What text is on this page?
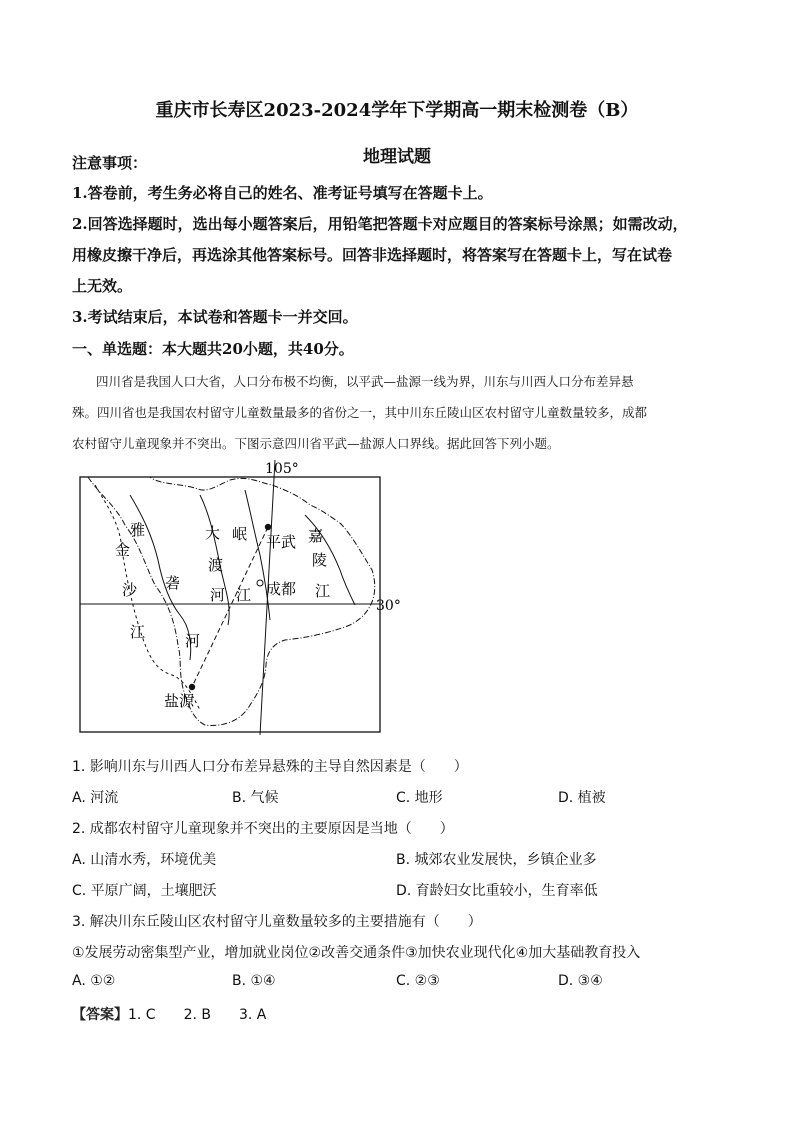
重庆市长寿区2023-2024学年下学期高一期末检测卷（B）
地理试题
注意事项：
1.答卷前，考生务必将自己的姓名、准考证号填写在答题卡上。
2.回答选择题时，选出每小题答案后，用铅笔把答题卡对应题目的答案标号涂黑；如需改动，
用橡皮擦干净后，再选涂其他答案标号。回答非选择题时，将答案写在答题卡上，写在试卷
上无效。
3.考试结束后，本试卷和答题卡一并交回。
一、单选题：本大题共20小题，共40分。
四川省是我国人口大省，人口分布极不均衡，以平武—盐源一线为界，川东与川西人口分布差异悬
殊。四川省也是我国农村留守儿童数量最多的省份之一，其中川东丘陵山区农村留守儿童数量较多，成都
农村留守儿童现象并不突出。下图示意四川省平武—盐源人口界线。据此回答下列小题。
105°
30°
雅
金
沙
江
砻
河
大
渡
河
岷
江
平武
成都
盐源
嘉
陵
江
1. 影响川东与川西人口分布差异悬殊的主导自然因素是（　　）
A. 河流	B. 气候	C. 地形	D. 植被
2. 成都农村留守儿童现象并不突出的主要原因是当地（　　）
A. 山清水秀，环境优美	B. 城郊农业发展快，乡镇企业多
C. 平原广阔，土壤肥沃	D. 育龄妇女比重较小，生育率低
3. 解决川东丘陵山区农村留守儿童数量较多的主要措施有（　　）
①发展劳动密集型产业，增加就业岗位②改善交通条件③加快农业现代化④加大基础教育投入
A. ①②	B. ①④	C. ②③	D. ③④
【答案】1. C　　2. B　　3. A
